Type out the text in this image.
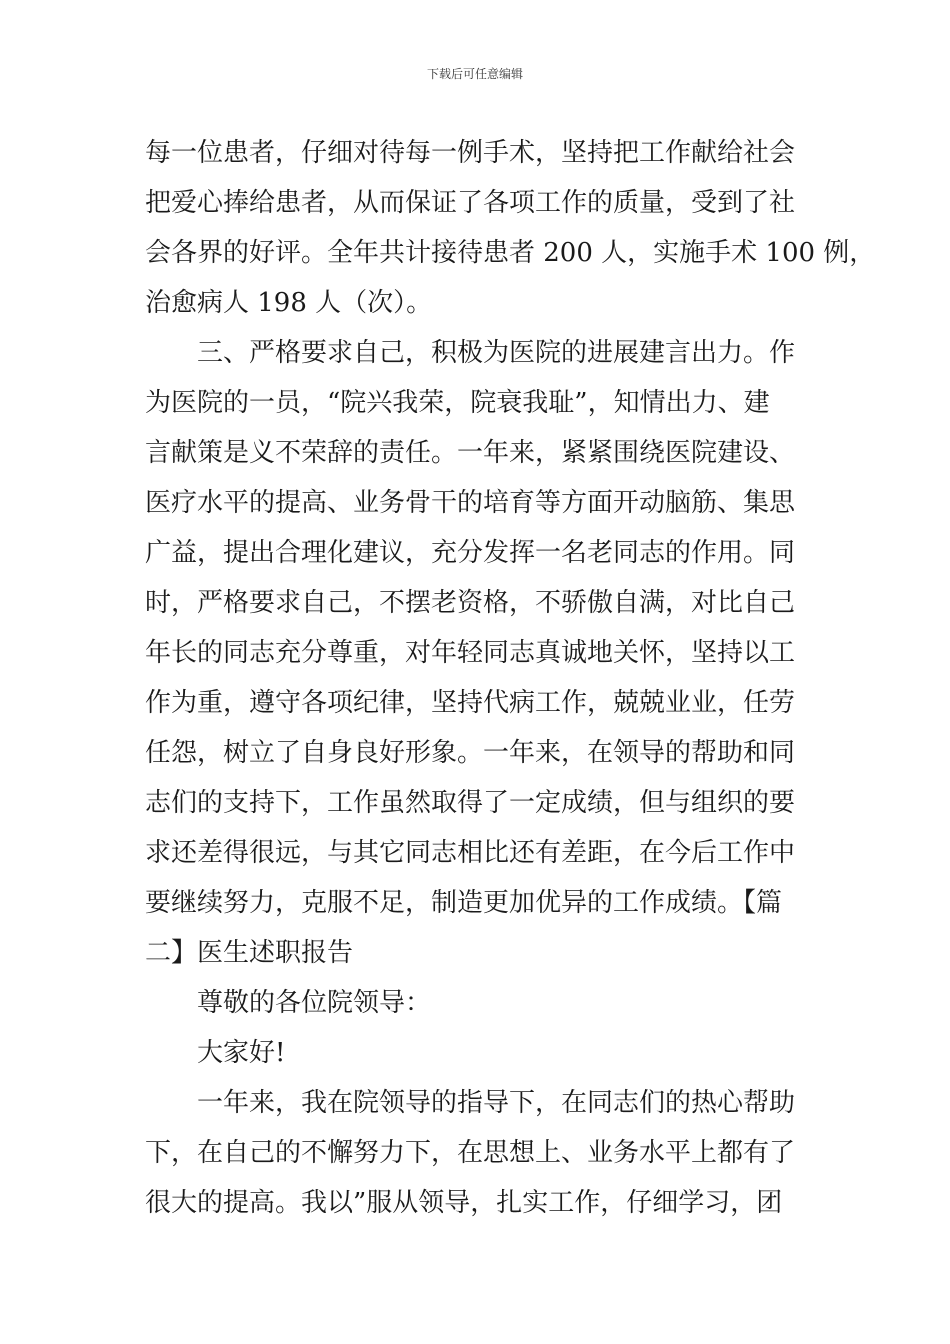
下载后可任意编辑
每一位患者，仔细对待每一例手术，坚持把工作献给社会
把爱心捧给患者，从而保证了各项工作的质量，受到了社
会各界的好评。全年共计接待患者 200 人，实施手术 100 例，
治愈病人 198 人（次）。
三、严格要求自己，积极为医院的进展建言出力。作
为医院的一员，“院兴我荣，院衰我耻”，知情出力、建
言献策是义不荣辞的责任。一年来，紧紧围绕医院建设、
医疗水平的提高、业务骨干的培育等方面开动脑筋、集思
广益，提出合理化建议，充分发挥一名老同志的作用。同
时，严格要求自己，不摆老资格，不骄傲自满，对比自己
年长的同志充分尊重，对年轻同志真诚地关怀，坚持以工
作为重，遵守各项纪律，坚持代病工作，兢兢业业，任劳
任怨，树立了自身良好形象。一年来，在领导的帮助和同
志们的支持下，工作虽然取得了一定成绩，但与组织的要
求还差得很远，与其它同志相比还有差距，在今后工作中
要继续努力，克服不足，制造更加优异的工作成绩。【篇
二】医生述职报告
尊敬的各位院领导：
大家好!
一年来，我在院领导的指导下，在同志们的热心帮助
下，在自己的不懈努力下，在思想上、业务水平上都有了
很大的提高。我以”服从领导，扎实工作，仔细学习，团
